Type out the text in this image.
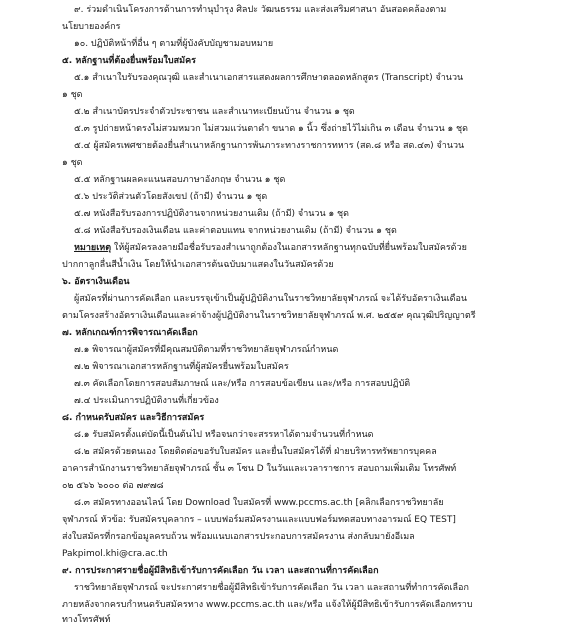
๙. ร่วมดำเนินโครงการด้านการทำนุบำรุง ศิลปะ วัฒนธรรม และส่งเสริมศาสนา อันสอดคล้องตาม
นโยบายองค์กร
๑๐. ปฏิบัติหน้าที่อื่น ๆ ตามที่ผู้บังคับบัญชามอบหมาย
๕. หลักฐานที่ต้องยื่นพร้อมใบสมัคร
๕.๑ สำเนาใบรับรองคุณวุฒิ และสำเนาเอกสารแสดงผลการศึกษาตลอดหลักสูตร (Transcript) จำนวน
๑ ชุด
๕.๒ สำเนาบัตรประจำตัวประชาชน และสำเนาทะเบียนบ้าน จำนวน ๑ ชุด
๕.๓ รูปถ่ายหน้าตรงไม่สวมหมวก ไม่สวมแว่นตาดำ ขนาด ๑ นิ้ว ซึ่งถ่ายไว้ไม่เกิน ๓ เดือน จำนวน ๑ ชุด
๕.๔ ผู้สมัครเพศชายต้องยื่นสำเนาหลักฐานการพ้นภาระทางราชการทหาร (สด.๘ หรือ สด.๔๓) จำนวน
๑ ชุด
๕.๕ หลักฐานผลคะแนนสอบภาษาอังกฤษ จำนวน ๑ ชุด
๕.๖ ประวัติส่วนตัวโดยสังเขป (ถ้ามี) จำนวน ๑ ชุด
๕.๗ หนังสือรับรองการปฏิบัติงานจากหน่วยงานเดิม (ถ้ามี) จำนวน ๑ ชุด
๕.๘ หนังสือรับรองเงินเดือน และค่าตอบแทน จากหน่วยงานเดิม (ถ้ามี) จำนวน ๑ ชุด
หมายเหตุ ให้ผู้สมัครลงลายมือชื่อรับรองสำเนาถูกต้องในเอกสารหลักฐานทุกฉบับที่ยื่นพร้อมใบสมัครด้วย
ปากกาลูกลื่นสีน้ำเงิน โดยให้นำเอกสารต้นฉบับมาแสดงในวันสมัครด้วย
๖. อัตราเงินเดือน
ผู้สมัครที่ผ่านการคัดเลือก และบรรจุเข้าเป็นผู้ปฏิบัติงานในราชวิทยาลัยจุฬาภรณ์ จะได้รับอัตราเงินเดือน
ตามโครงสร้างอัตราเงินเดือนและค่าจ้างผู้ปฏิบัติงานในราชวิทยาลัยจุฬาภรณ์ พ.ศ. ๒๕๕๙ คุณวุฒิปริญญาตรี
๗. หลักเกณฑ์การพิจารณาคัดเลือก
๗.๑ พิจารณาผู้สมัครที่มีคุณสมบัติตามที่ราชวิทยาลัยจุฬาภรณ์กำหนด
๗.๒ พิจารณาเอกสารหลักฐานที่ผู้สมัครยื่นพร้อมใบสมัคร
๗.๓ คัดเลือกโดยการสอบสัมภาษณ์ และ/หรือ การสอบข้อเขียน และ/หรือ การสอบปฏิบัติ
๗.๔ ประเมินการปฏิบัติงานที่เกี่ยวข้อง
๘. กำหนดรับสมัคร และวิธีการสมัคร
๘.๑ รับสมัครตั้งแต่บัดนี้เป็นต้นไป หรือจนกว่าจะสรรหาได้ตามจำนวนที่กำหนด
๘.๒ สมัครด้วยตนเอง โดยติดต่อขอรับใบสมัคร และยื่นใบสมัครได้ที่ ฝ่ายบริหารทรัพยากรบุคคล
อาคารสำนักงานราชวิทยาลัยจุฬาภรณ์ ชั้น ๓ โซน D ในวันและเวลาราชการ สอบถามเพิ่มเติม โทรศัพท์
๐๒ ๕๖๖ ๖๐๐๐ ต่อ ๗๙๗๘
๘.๓ สมัครทางออนไลน์ โดย Download ใบสมัครที่ www.pccms.ac.th [คลิกเลือกราชวิทยาลัย
จุฬาภรณ์ หัวข้อ: รับสมัครบุคลากร – แบบฟอร์มสมัครงานและแบบฟอร์มทดสอบทางอารมณ์ EQ TEST]
ส่งใบสมัครที่กรอกข้อมูลครบถ้วน พร้อมแนบเอกสารประกอบการสมัครงาน ส่งกลับมายังอีเมล
Pakpimol.khi@cra.ac.th
๙. การประกาศรายชื่อผู้มีสิทธิเข้ารับการคัดเลือก วัน เวลา และสถานที่การคัดเลือก
ราชวิทยาลัยจุฬาภรณ์ จะประกาศรายชื่อผู้มีสิทธิเข้ารับการคัดเลือก วัน เวลา และสถานที่ทำการคัดเลือก
ภายหลังจากครบกำหนดรับสมัครทาง www.pccms.ac.th และ/หรือ แจ้งให้ผู้มีสิทธิเข้ารับการคัดเลือกทราบ
ทางโทรศัพท์
